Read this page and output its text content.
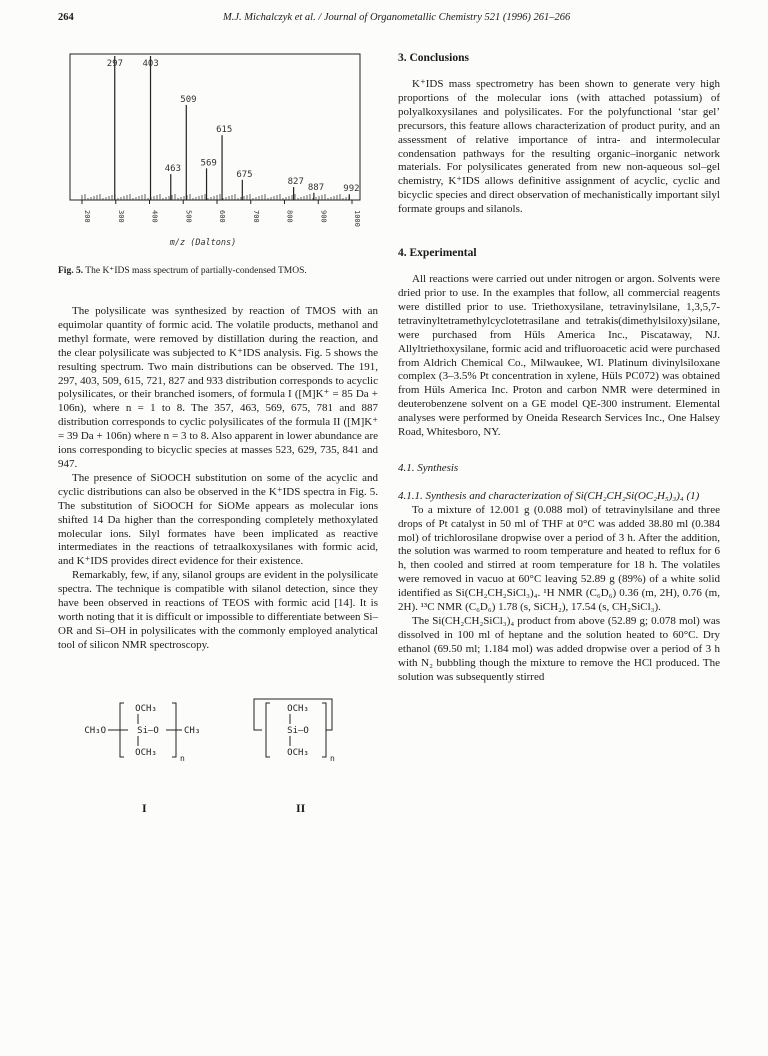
264	M.J. Michalczyk et al. / Journal of Organometallic Chemistry 521 (1996) 261–266
297 403
509
615
463
569
675
827
887 992
200	300	400	500	600	700	800	900	1000
m/z (Daltons)

Fig. 5. The K⁺IDS mass spectrum of partially-condensed TMOS.

The polysilicate was synthesized by reaction of TMOS with an equimolar quantity of formic acid. The volatile products, methanol and methyl formate, were removed by distillation during the reaction, and the clear polysilicate was subjected to K⁺IDS analysis. Fig. 5 shows the resulting spectrum. Two main distributions can be observed. The 191, 297, 403, 509, 615, 721, 827 and 933 distribution corresponds to acyclic polysilicates, or their branched isomers, of formula I ([M]K⁺ = 85 Da + 106n), where n = 1 to 8. The 357, 463, 569, 675, 781 and 887 distribution corresponds to cyclic polysilicates of the formula II ([M]K⁺ = 39 Da + 106n) where n = 3 to 8. Also apparent in lower abundance are ions corresponding to bicyclic species at masses 523, 629, 735, 841 and 947.

The presence of SiOOCH substitution on some of the acyclic and cyclic distributions can also be observed in the K⁺IDS spectra in Fig. 5. The substitution of SiOOCH for SiOMe appears as molecular ions shifted 14 Da higher than the corresponding completely methoxylated molecular ions. Silyl formates have been implicated as reactive intermediates in the reactions of tetraalkoxysilanes with formic acid, and K⁺IDS provides direct evidence for their existence.

Remarkably, few, if any, silanol groups are evident in the polysilicate spectra. The technique is compatible with silanol detection, since they have been observed in reactions of TEOS with formic acid [14]. It is worth noting that it is difficult or impossible to differentiate between Si–OR and Si–OH in polysilicates with the commonly employed analytical tool of silicon NMR spectroscopy.

OCH₃
CH₃O	Si–O	CH₃
OCH₃
n
OCH₃
Si–O
OCH₃
n
I	II

3. Conclusions

K⁺IDS mass spectrometry has been shown to generate very high proportions of the molecular ions (with attached potassium) of polyalkoxysilanes and polysilicates. For the polyfunctional ‘star gel’ precursors, this feature allows characterization of product purity, and an assessment of relative importance of intra- and intermolecular condensation pathways for the resulting organic–inorganic network materials. For polysilicates generated from new non-aqueous sol–gel chemistry, K⁺IDS allows definitive assignment of acyclic, cyclic and bicyclic species and direct observation of mechanistically important silyl formate groups and silanols.

4. Experimental

All reactions were carried out under nitrogen or argon. Solvents were dried prior to use. In the examples that follow, all commercial reagents were distilled prior to use. Triethoxysilane, tetravinylsilane, 1,3,5,7-tetravinyltetramethylcyclotetrasilane and tetrakis(dimethylsiloxy)silane, were purchased from Hüls America Inc., Piscataway, NJ. Allyltriethoxysilane, formic acid and trifluoroacetic acid were purchased from Aldrich Chemical Co., Milwaukee, WI. Platinum divinylsiloxane complex (3–3.5% Pt concentration in xylene, Hüls PC072) was obtained from Hüls America Inc. Proton and carbon NMR were determined in deuterobenzene solvent on a GE model QE-300 instrument. Elemental analyses were performed by Oneida Research Services Inc., One Halsey Road, Whitesboro, NY.

4.1. Synthesis

4.1.1. Synthesis and characterization of Si(CH₂CH₂Si(OC₂H₅)₃)₄ (1)

To a mixture of 12.001 g (0.088 mol) of tetravinylsilane and three drops of Pt catalyst in 50 ml of THF at 0°C was added 38.80 ml (0.384 mol) of trichlorosilane dropwise over a period of 3 h. After the addition, the solution was warmed to room temperature and heated to reflux for 6 h, then cooled and stirred at room temperature for 18 h. The volatiles were removed in vacuo at 60°C leaving 52.89 g (89%) of a white solid identified as Si(CH₂CH₂SiCl₃)₄. ¹H NMR (C₆D₆) 0.36 (m, 2H), 0.76 (m, 2H). ¹³C NMR (C₆D₆) 1.78 (s, SiCH₂), 17.54 (s, CH₂SiCl₃).

The Si(CH₂CH₂SiCl₃)₄ product from above (52.89 g; 0.078 mol) was dissolved in 100 ml of heptane and the solution heated to 60°C. Dry ethanol (69.50 ml; 1.184 mol) was added dropwise over a period of 3 h with N₂ bubbling though the mixture to remove the HCl produced. The solution was subsequently stirred
